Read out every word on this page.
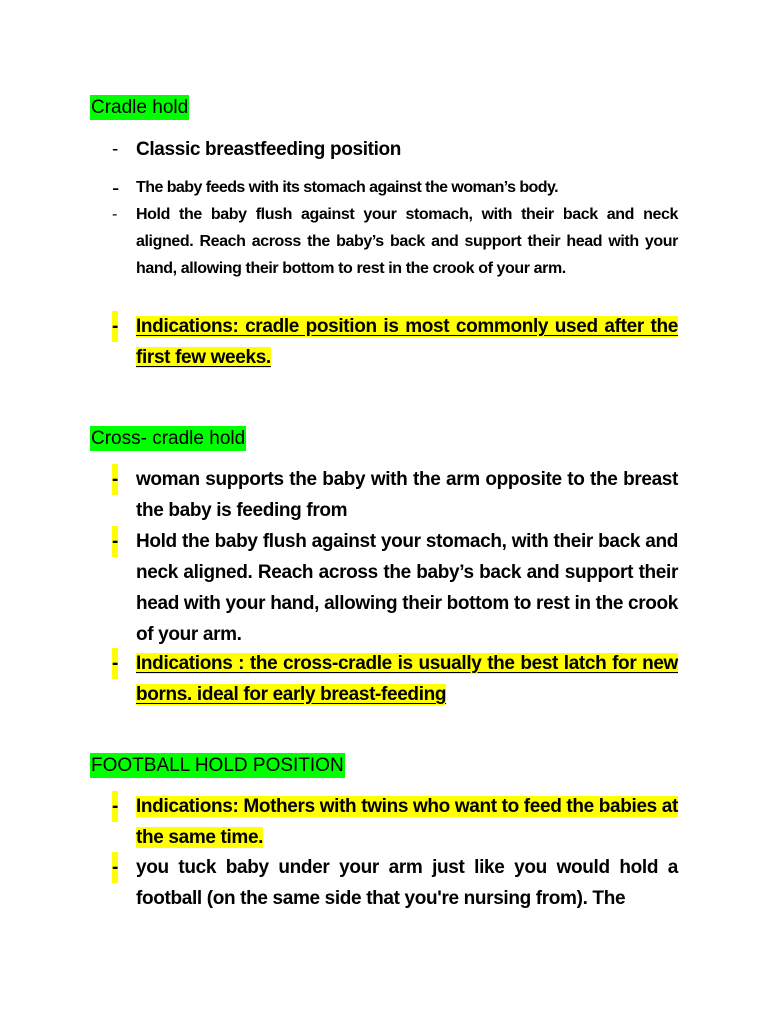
Cradle hold
- Classic breastfeeding position
- The baby feeds with its stomach against the woman’s body.
- Hold the baby flush against your stomach, with their back and neck aligned. Reach across the baby’s back and support their head with your hand, allowing their bottom to rest in the crook of your arm.
- Indications: cradle position is most commonly used after the first few weeks.
Cross- cradle hold
- woman supports the baby with the arm opposite to the breast the baby is feeding from
- Hold the baby flush against your stomach, with their back and neck aligned. Reach across the baby’s back and support their head with your hand, allowing their bottom to rest in the crook of your arm.
- Indications : the cross-cradle is usually the best latch for new borns. ideal for early breast-feeding
FOOTBALL HOLD POSITION
- Indications: Mothers with twins who want to feed the babies at the same time.
- you tuck baby under your arm just like you would hold a football (on the same side that you're nursing from). The
